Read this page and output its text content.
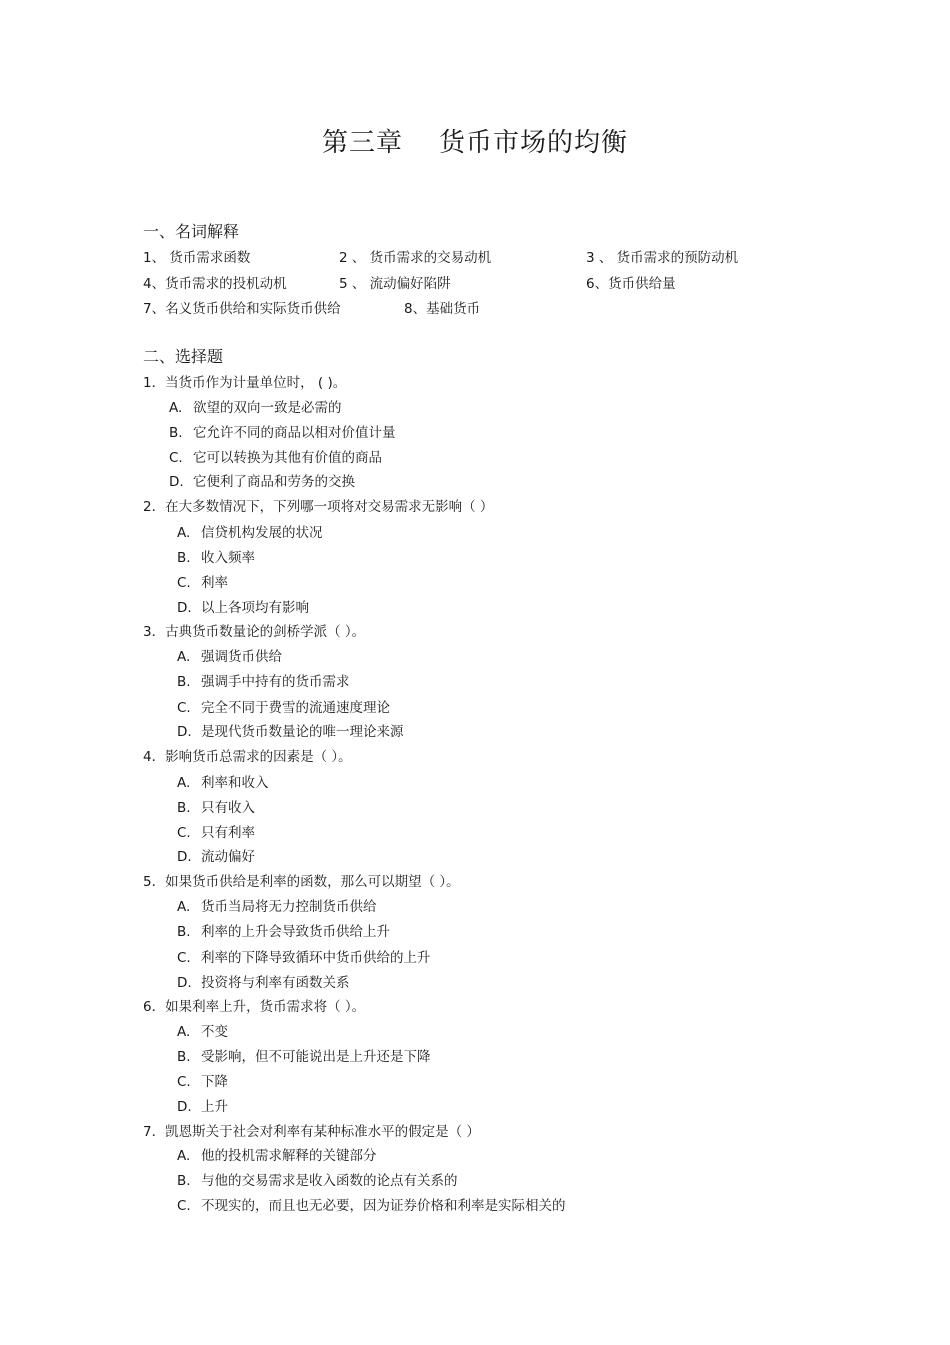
第三章 货币市场的均衡
一、名词解释
1、 货币需求函数	2 、 货币需求的交易动机	3 、 货币需求的预防动机
4、货币需求的投机动机	5 、 流动偏好陷阱	6、货币供给量
7、名义货币供给和实际货币供给	8、基础货币
二、选择题
1．当货币作为计量单位时， ( )。
A. 欲望的双向一致是必需的
B. 它允许不同的商品以相对价值计量
C. 它可以转换为其他有价值的商品
D. 它便利了商品和劳务的交换
2．在大多数情况下，下列哪一项将对交易需求无影响（ ）
A. 信贷机构发展的状况
B. 收入频率
C. 利率
D. 以上各项均有影响
3．古典货币数量论的剑桥学派（ ）。
A. 强调货币供给
B. 强调手中持有的货币需求
C. 完全不同于费雪的流通速度理论
D. 是现代货币数量论的唯一理论来源
4．影响货币总需求的因素是（ ）。
A. 利率和收入
B. 只有收入
C. 只有利率
D. 流动偏好
5．如果货币供给是利率的函数，那么可以期望（ ）。
A. 货币当局将无力控制货币供给
B. 利率的上升会导致货币供给上升
C. 利率的下降导致循环中货币供给的上升
D. 投资将与利率有函数关系
6．如果利率上升，货币需求将（ ）。
A. 不变
B. 受影响，但不可能说出是上升还是下降
C. 下降
D. 上升
7．凯恩斯关于社会对利率有某种标准水平的假定是（ ）
A. 他的投机需求解释的关键部分
B. 与他的交易需求是收入函数的论点有关系的
C. 不现实的，而且也无必要，因为证券价格和利率是实际相关的
